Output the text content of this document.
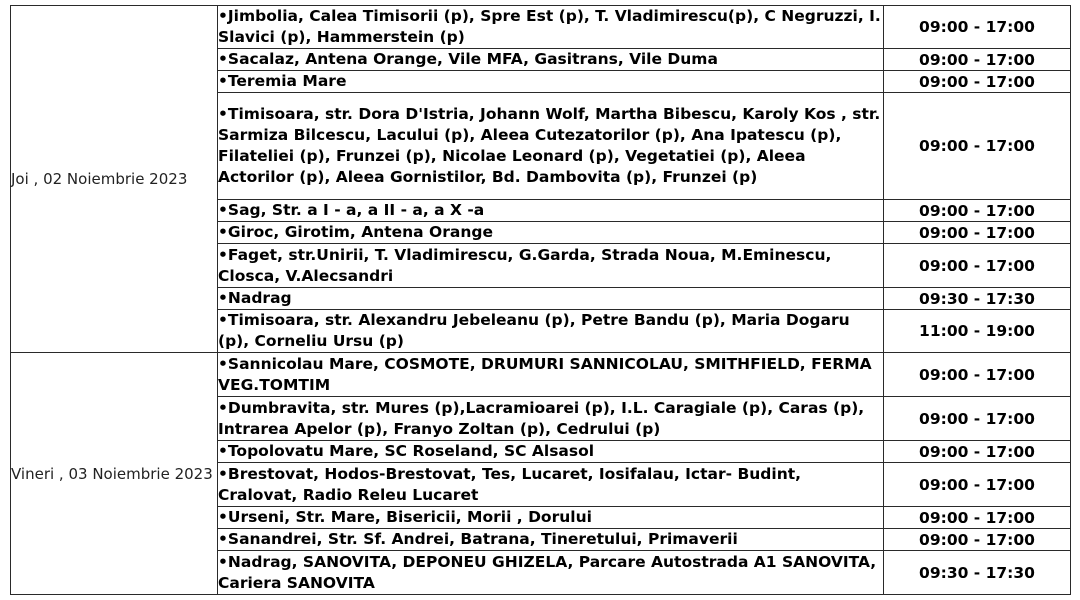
Joi , 02 Noiembrie 2023	•Jimbolia, Calea Timisorii (p), Spre Est (p), T. Vladimirescu(p), C Negruzzi, I. Slavici (p), Hammerstein (p)	09:00 - 17:00
	•Sacalaz, Antena Orange, Vile MFA, Gasitrans, Vile Duma	09:00 - 17:00
	•Teremia Mare	09:00 - 17:00
	•Timisoara, str. Dora D'Istria, Johann Wolf, Martha Bibescu, Karoly Kos , str. Sarmiza Bilcescu, Lacului (p), Aleea Cutezatorilor (p), Ana Ipatescu (p), Filateliei (p), Frunzei (p), Nicolae Leonard (p), Vegetatiei (p), Aleea Actorilor (p), Aleea Gornistilor, Bd. Dambovita (p), Frunzei (p)	09:00 - 17:00
	•Sag, Str. a I - a, a II - a, a X -a	09:00 - 17:00
	•Giroc, Girotim, Antena Orange	09:00 - 17:00
	•Faget, str.Unirii, T. Vladimirescu, G.Garda, Strada Noua, M.Eminescu, Closca, V.Alecsandri	09:00 - 17:00
	•Nadrag	09:30 - 17:30
	•Timisoara, str. Alexandru Jebeleanu (p), Petre Bandu (p), Maria Dogaru (p), Corneliu Ursu (p)	11:00 - 19:00
Vineri , 03 Noiembrie 2023	•Sannicolau Mare, COSMOTE, DRUMURI SANNICOLAU, SMITHFIELD, FERMA VEG.TOMTIM	09:00 - 17:00
	•Dumbravita, str. Mures (p),Lacramioarei (p), I.L. Caragiale (p), Caras (p), Intrarea Apelor (p), Franyo Zoltan (p), Cedrului (p)	09:00 - 17:00
	•Topolovatu Mare, SC Roseland, SC Alsasol	09:00 - 17:00
	•Brestovat, Hodos-Brestovat, Tes, Lucaret, Iosifalau, Ictar- Budint, Cralovat, Radio Releu Lucaret	09:00 - 17:00
	•Urseni, Str. Mare, Bisericii, Morii , Dorului	09:00 - 17:00
	•Sanandrei, Str. Sf. Andrei, Batrana, Tineretului, Primaverii	09:00 - 17:00
	•Nadrag, SANOVITA, DEPONEU GHIZELA, Parcare Autostrada A1 SANOVITA, Cariera SANOVITA	09:30 - 17:30
